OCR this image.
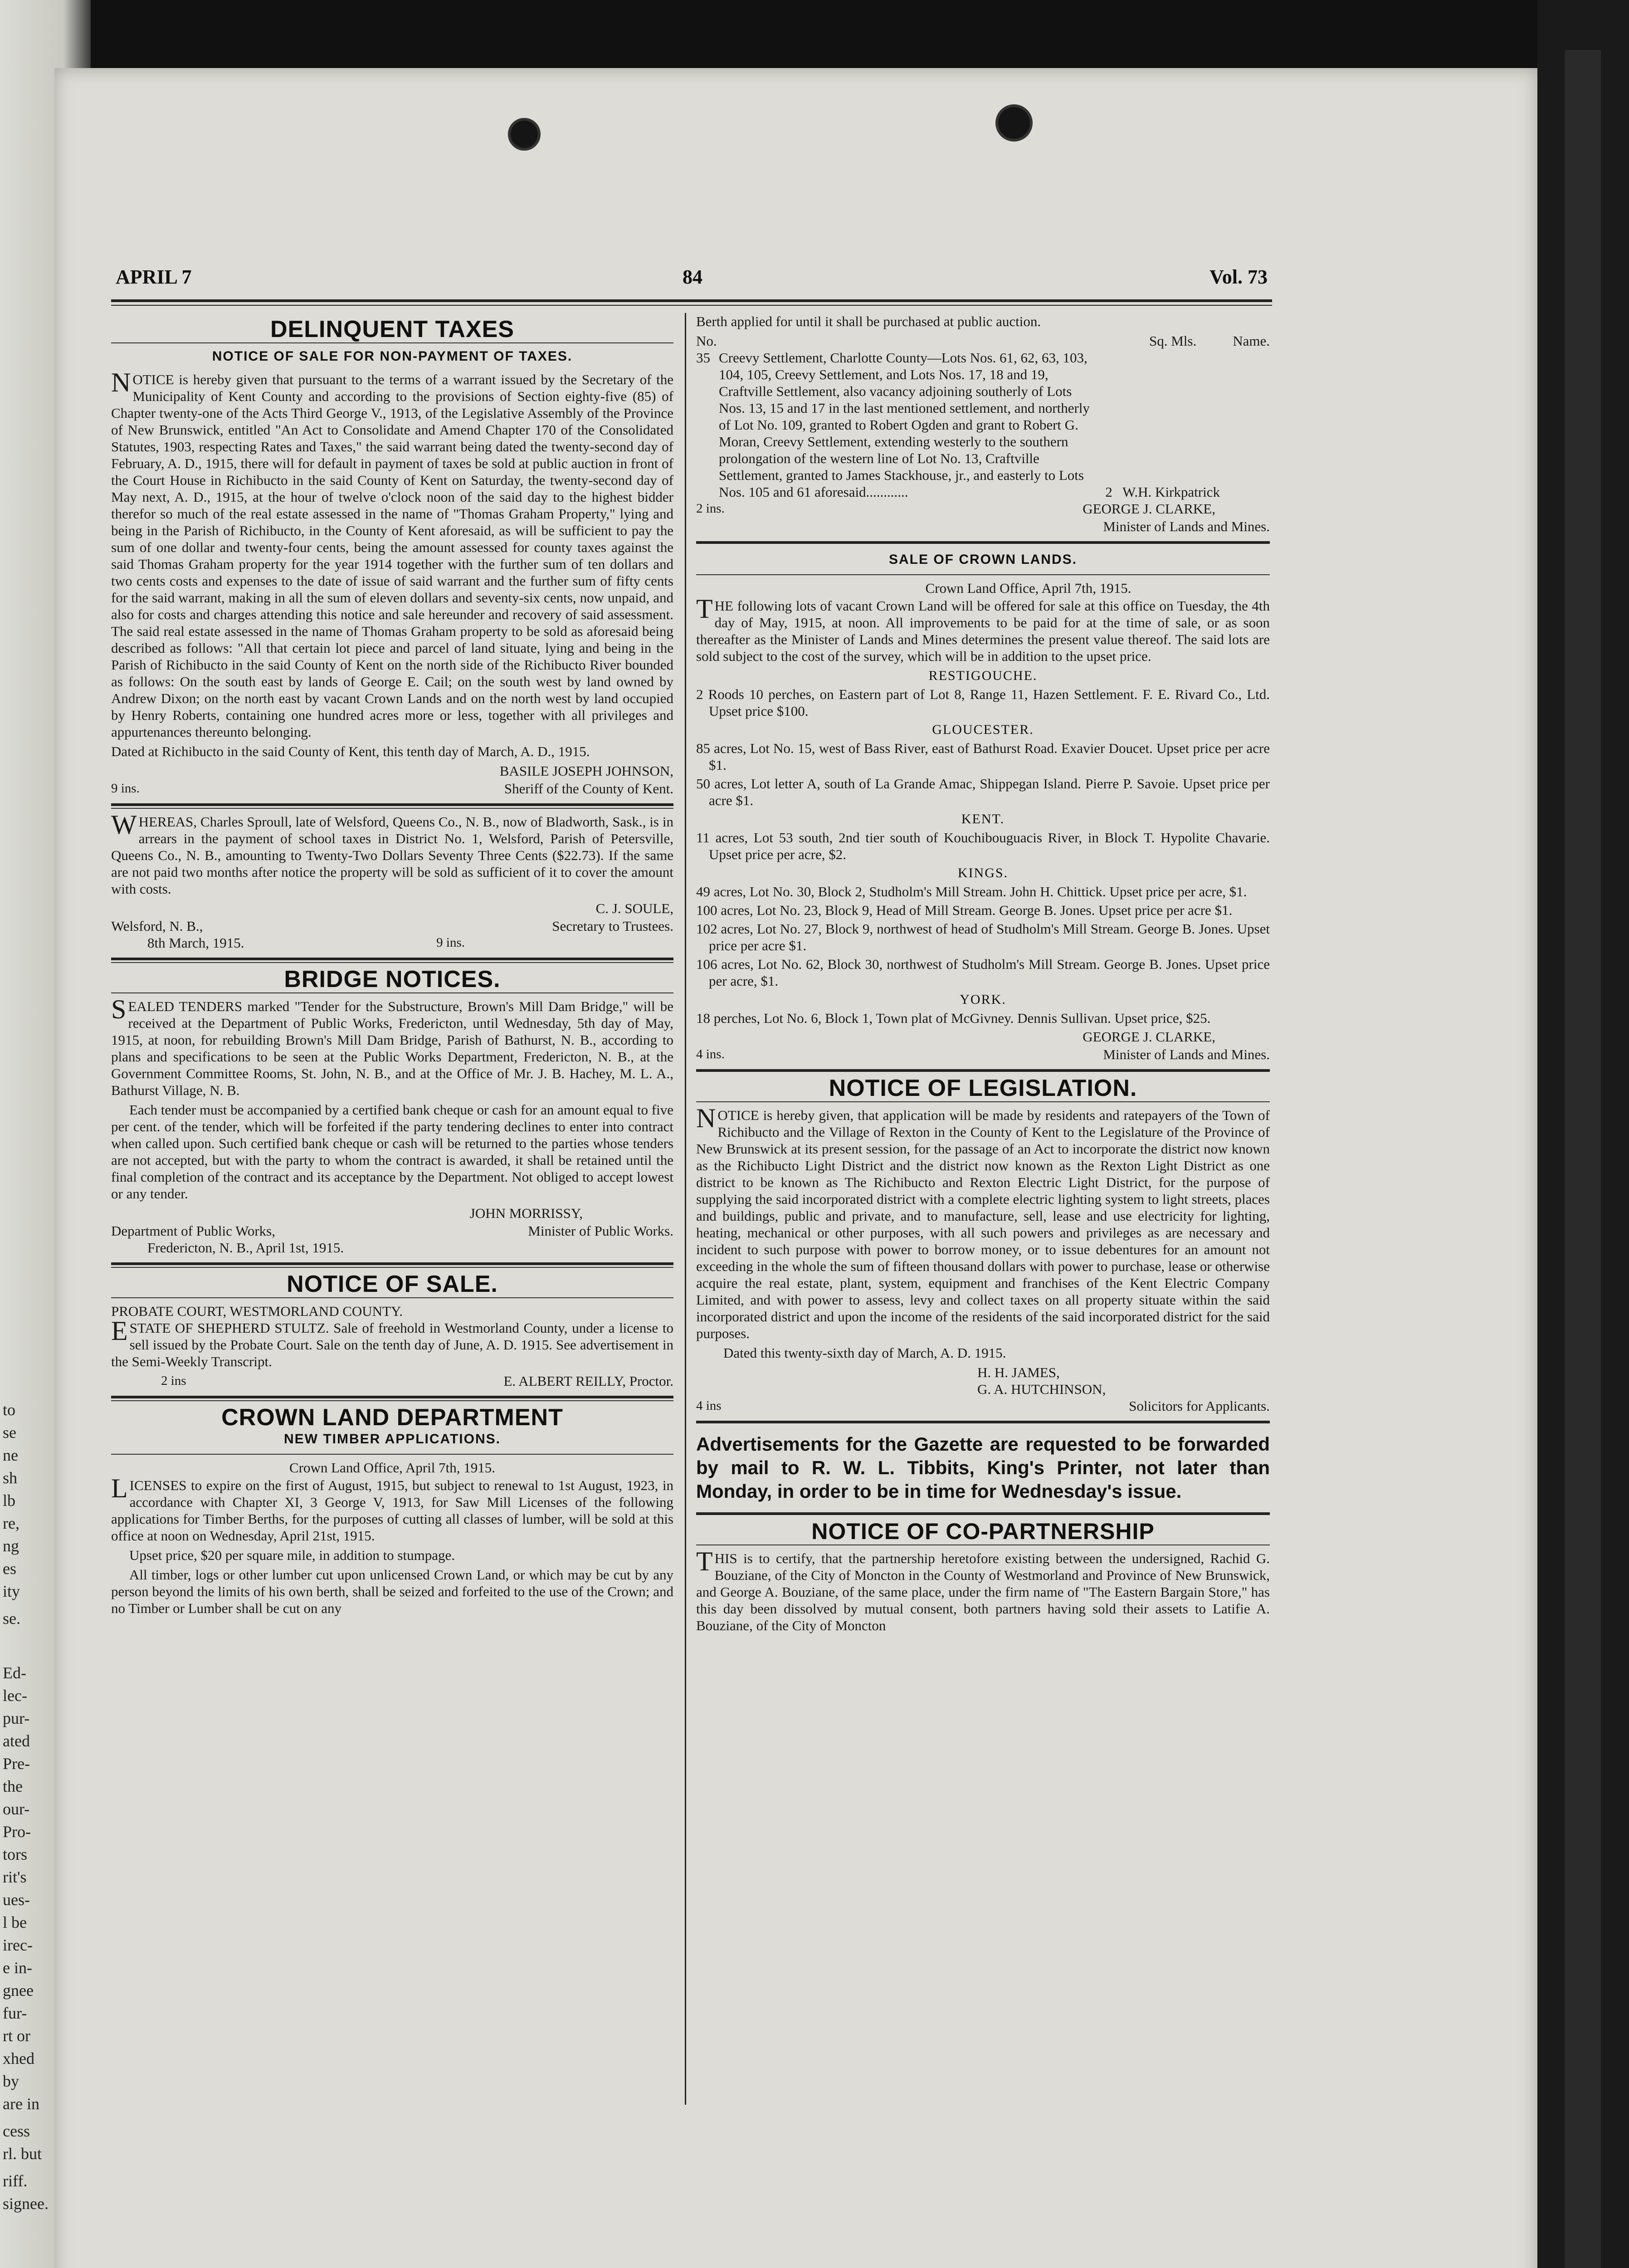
to
se
ne
sh
lb
re,
ng
es
ity
se.
Ed-
lec-
pur-
ated
Pre-
the
our-
Pro-
tors
rit's
ues-
l be
irec-
e in-
gnee
fur-
rt or
xhed
by
are in
cess
rl. but
riff.
signee.
APRIL 7	84	Vol. 73
DELINQUENT TAXES
NOTICE OF SALE FOR NON-PAYMENT OF TAXES.

NOTICE is hereby given that pursuant to the terms of a warrant issued by the Secretary of the Municipality of Kent County and according to the provisions of Section eighty-five (85) of Chapter twenty-one of the Acts Third George V., 1913, of the Legislative Assembly of the Province of New Brunswick, entitled "An Act to Consolidate and Amend Chapter 170 of the Consolidated Statutes, 1903, respecting Rates and Taxes," the said warrant being dated the twenty-second day of February, A. D., 1915, there will for default in payment of taxes be sold at public auction in front of the Court House in Richibucto in the said County of Kent on Saturday, the twenty-second day of May next, A. D., 1915, at the hour of twelve o'clock noon of the said day to the highest bidder therefor so much of the real estate assessed in the name of "Thomas Graham Property," lying and being in the Parish of Richibucto, in the County of Kent aforesaid, as will be sufficient to pay the sum of one dollar and twenty-four cents, being the amount assessed for county taxes against the said Thomas Graham property for the year 1914 together with the further sum of ten dollars and two cents costs and expenses to the date of issue of said warrant and the further sum of fifty cents for the said warrant, making in all the sum of eleven dollars and seventy-six cents, now unpaid, and also for costs and charges attending this notice and sale hereunder and recovery of said assessment. The said real estate assessed in the name of Thomas Graham property to be sold as aforesaid being described as follows: "All that certain lot piece and parcel of land situate, lying and being in the Parish of Richibucto in the said County of Kent on the north side of the Richibucto River bounded as follows: On the south east by lands of George E. Cail; on the south west by land owned by Andrew Dixon; on the north east by vacant Crown Lands and on the north west by land occupied by Henry Roberts, containing one hundred acres more or less, together with all privileges and appurtenances thereunto belonging.

Dated at Richibucto in the said County of Kent, this tenth day of March, A. D., 1915.

BASILE JOSEPH JOHNSON,
9 ins.	Sheriff of the County of Kent.

WHEREAS, Charles Sproull, late of Welsford, Queens Co., N. B., now of Bladworth, Sask., is in arrears in the payment of school taxes in District No. 1, Welsford, Parish of Petersville, Queens Co., N. B., amounting to Twenty-Two Dollars Seventy Three Cents ($22.73). If the same are not paid two months after notice the property will be sold as sufficient of it to cover the amount with costs.

C. J. SOULE,
Welsford, N. B.,	Secretary to Trustees.
8th March, 1915.	9 ins.
BRIDGE NOTICES.

SEALED TENDERS marked "Tender for the Substructure, Brown's Mill Dam Bridge," will be received at the Department of Public Works, Fredericton, until Wednesday, 5th day of May, 1915, at noon, for rebuilding Brown's Mill Dam Bridge, Parish of Bathurst, N. B., according to plans and specifications to be seen at the Public Works Department, Fredericton, N. B., at the Government Committee Rooms, St. John, N. B., and at the Office of Mr. J. B. Hachey, M. L. A., Bathurst Village, N. B.

Each tender must be accompanied by a certified bank cheque or cash for an amount equal to five per cent. of the tender, which will be forfeited if the party tendering declines to enter into contract when called upon. Such certified bank cheque or cash will be returned to the parties whose tenders are not accepted, but with the party to whom the contract is awarded, it shall be retained until the final completion of the contract and its acceptance by the Department. Not obliged to accept lowest or any tender.

JOHN MORRISSY,
Department of Public Works,	Minister of Public Works.
Fredericton, N. B., April 1st, 1915.
NOTICE OF SALE.
PROBATE COURT, WESTMORLAND COUNTY.

ESTATE OF SHEPHERD STULTZ. Sale of freehold in Westmorland County, under a license to sell issued by the Probate Court. Sale on the tenth day of June, A. D. 1915. See advertisement in the Semi-Weekly Transcript.

2 ins	E. ALBERT REILLY, Proctor.
CROWN LAND DEPARTMENT
NEW TIMBER APPLICATIONS.
Crown Land Office, April 7th, 1915.

LICENSES to expire on the first of August, 1915, but subject to renewal to 1st August, 1923, in accordance with Chapter XI, 3 George V, 1913, for Saw Mill Licenses of the following applications for Timber Berths, for the purposes of cutting all classes of lumber, will be sold at this office at noon on Wednesday, April 21st, 1915.

Upset price, $20 per square mile, in addition to stumpage.

All timber, logs or other lumber cut upon unlicensed Crown Land, or which may be cut by any person beyond the limits of his own berth, shall be seized and forfeited to the use of the Crown; and no Timber or Lumber shall be cut on any

Berth applied for until it shall be purchased at public auction.

No.	Sq. Mls.	Name.
35 Creevy Settlement, Charlotte County—Lots Nos. 61, 62, 63, 103, 104, 105, Creevy Settlement, and Lots Nos. 17, 18 and 19, Craftville Settlement, also vacancy adjoining southerly of Lots Nos. 13, 15 and 17 in the last mentioned settlement, and northerly of Lot No. 109, granted to Robert Ogden and grant to Robert G. Moran, Creevy Settlement, extending westerly to the southern prolongation of the western line of Lot No. 13, Craftville Settlement, granted to James Stackhouse, jr., and easterly to Lots Nos. 105 and 61 aforesaid............	2 W.H. Kirkpatrick
2 ins.	GEORGE J. CLARKE,
Minister of Lands and Mines.
SALE OF CROWN LANDS.
Crown Land Office, April 7th, 1915.

THE following lots of vacant Crown Land will be offered for sale at this office on Tuesday, the 4th day of May, 1915, at noon. All improvements to be paid for at the time of sale, or as soon thereafter as the Minister of Lands and Mines determines the present value thereof. The said lots are sold subject to the cost of the survey, which will be in addition to the upset price.

RESTIGOUCHE.

2 Roods 10 perches, on Eastern part of Lot 8, Range 11, Hazen Settlement. F. E. Rivard Co., Ltd. Upset price $100.

GLOUCESTER.

85 acres, Lot No. 15, west of Bass River, east of Bathurst Road. Exavier Doucet. Upset price per acre $1.

50 acres, Lot letter A, south of La Grande Amac, Shippegan Island. Pierre P. Savoie. Upset price per acre $1.

KENT.

11 acres, Lot 53 south, 2nd tier south of Kouchibouguacis River, in Block T. Hypolite Chavarie. Upset price per acre, $2.

KINGS.

49 acres, Lot No. 30, Block 2, Studholm's Mill Stream. John H. Chittick. Upset price per acre, $1.

100 acres, Lot No. 23, Block 9, Head of Mill Stream. George B. Jones. Upset price per acre $1.

102 acres, Lot No. 27, Block 9, northwest of head of Studholm's Mill Stream. George B. Jones. Upset price per acre $1.

106 acres, Lot No. 62, Block 30, northwest of Studholm's Mill Stream. George B. Jones. Upset price per acre, $1.

YORK.

18 perches, Lot No. 6, Block 1, Town plat of McGivney. Dennis Sullivan. Upset price, $25.

GEORGE J. CLARKE,
4 ins.	Minister of Lands and Mines.
NOTICE OF LEGISLATION.

NOTICE is hereby given, that application will be made by residents and ratepayers of the Town of Richibucto and the Village of Rexton in the County of Kent to the Legislature of the Province of New Brunswick at its present session, for the passage of an Act to incorporate the district now known as the Richibucto Light District and the district now known as the Rexton Light District as one district to be known as The Richibucto and Rexton Electric Light District, for the purpose of supplying the said incorporated district with a complete electric lighting system to light streets, places and buildings, public and private, and to manufacture, sell, lease and use electricity for lighting, heating, mechanical or other purposes, with all such powers and privileges as are necessary and incident to such purpose with power to borrow money, or to issue debentures for an amount not exceeding in the whole the sum of fifteen thousand dollars with power to purchase, lease or otherwise acquire the real estate, plant, system, equipment and franchises of the Kent Electric Company Limited, and with power to assess, levy and collect taxes on all property situate within the said incorporated district and upon the income of the residents of the said incorporated district for the said purposes.

Dated this twenty-sixth day of March, A. D. 1915.

H. H. JAMES,
G. A. HUTCHINSON,
4 ins	Solicitors for Applicants.
Advertisements for the Gazette are requested to be forwarded by mail to R. W. L. Tibbits, King's Printer, not later than Monday, in order to be in time for Wednesday's issue.
NOTICE OF CO-PARTNERSHIP

THIS is to certify, that the partnership heretofore existing between the undersigned, Rachid G. Bouziane, of the City of Moncton in the County of Westmorland and Province of New Brunswick, and George A. Bouziane, of the same place, under the firm name of "The Eastern Bargain Store," has this day been dissolved by mutual consent, both partners having sold their assets to Latifie A. Bouziane, of the City of Moncton
